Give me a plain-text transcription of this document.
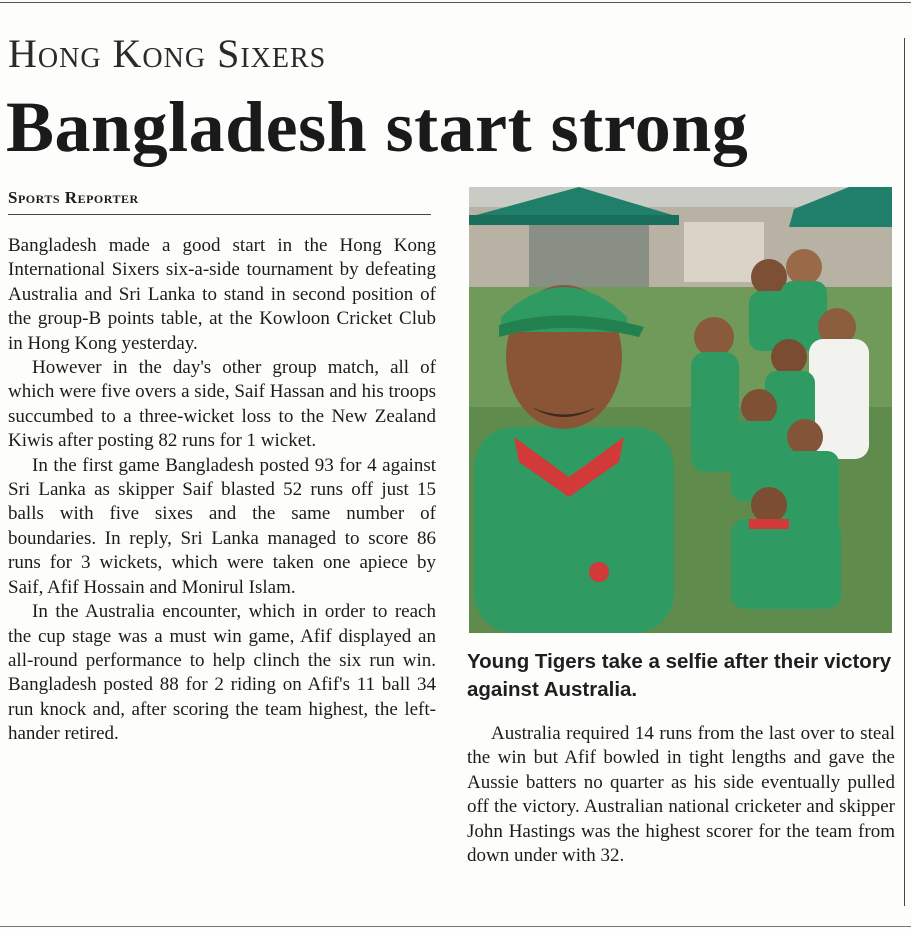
Hong Kong Sixers
Bangladesh start strong
Sports Reporter

Bangladesh made a good start in the Hong Kong International Sixers six-a-side tournament by defeating Australia and Sri Lanka to stand in second position of the group-B points table, at the Kowloon Cricket Club in Hong Kong yesterday.

However in the day's other group match, all of which were five overs a side, Saif Hassan and his troops succumbed to a three-wicket loss to the New Zealand Kiwis after posting 82 runs for 1 wicket.

In the first game Bangladesh posted 93 for 4 against Sri Lanka as skipper Saif blasted 52 runs off just 15 balls with five sixes and the same number of boundaries. In reply, Sri Lanka managed to score 86 runs for 3 wickets, which were taken one apiece by Saif, Afif Hossain and Monirul Islam.

In the Australia encounter, which in order to reach the cup stage was a must win game, Afif displayed an all-round performance to help clinch the six run win. Bangladesh posted 88 for 2 riding on Afif's 11 ball 34 run knock and, after scoring the team highest, the left-hander retired.

Young Tigers take a selfie after their victory against Australia.

Australia required 14 runs from the last over to steal the win but Afif bowled in tight lengths and gave the Aussie batters no quarter as his side eventually pulled off the victory. Australian national cricketer and skipper John Hastings was the highest scorer for the team from down under with 32.
